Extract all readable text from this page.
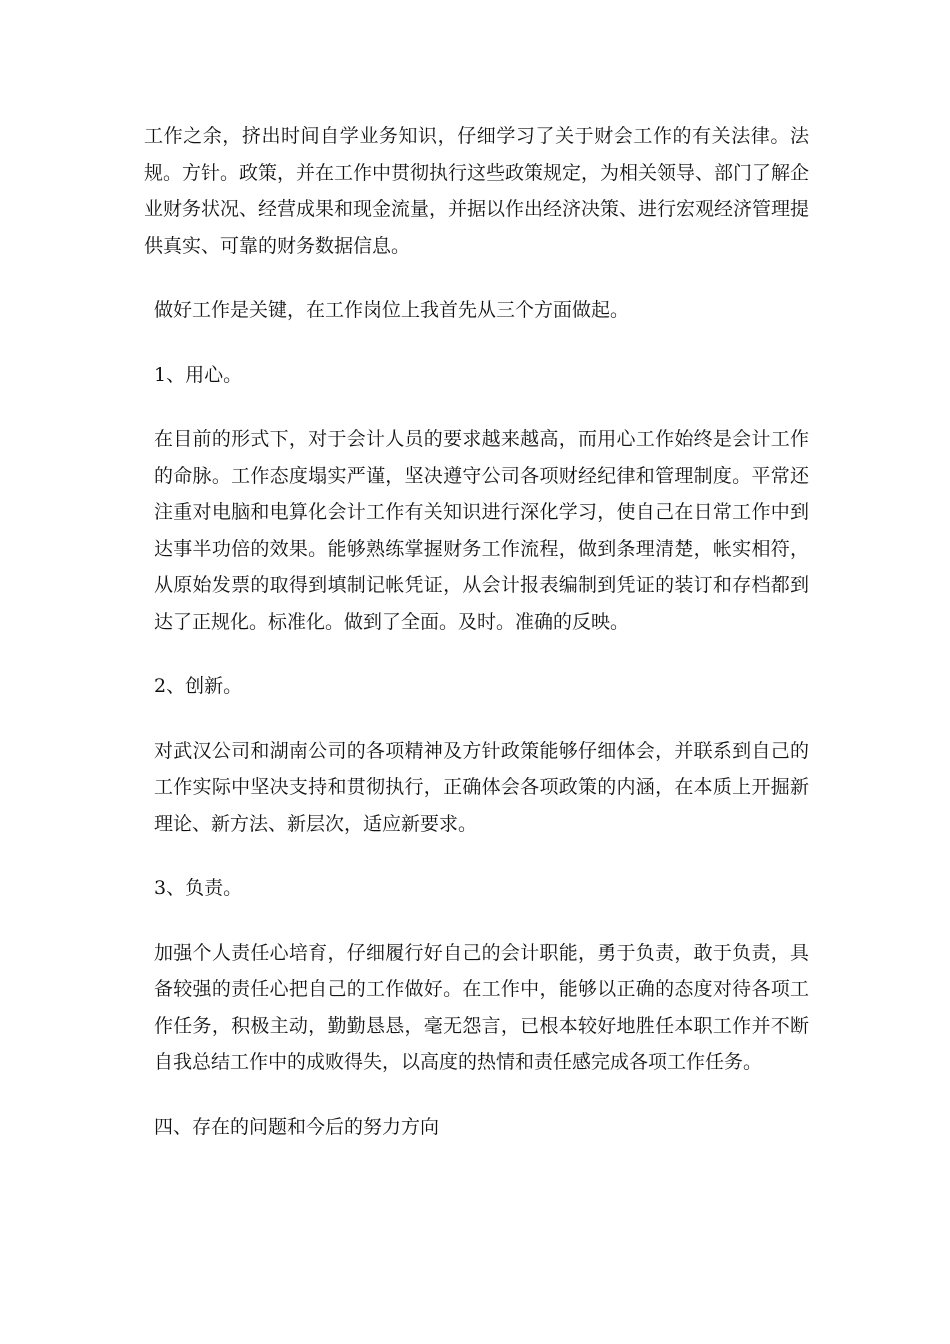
工作之余，挤出时间自学业务知识，仔细学习了关于财会工作的有关法律。法规。方针。政策，并在工作中贯彻执行这些政策规定，为相关领导、部门了解企业财务状况、经营成果和现金流量，并据以作出经济决策、进行宏观经济管理提供真实、可靠的财务数据信息。

做好工作是关键，在工作岗位上我首先从三个方面做起。

1、用心。

在目前的形式下，对于会计人员的要求越来越高，而用心工作始终是会计工作的命脉。工作态度塌实严谨，坚决遵守公司各项财经纪律和管理制度。平常还注重对电脑和电算化会计工作有关知识进行深化学习，使自己在日常工作中到达事半功倍的效果。能够熟练掌握财务工作流程，做到条理清楚，帐实相符，从原始发票的取得到填制记帐凭证，从会计报表编制到凭证的装订和存档都到达了正规化。标准化。做到了全面。及时。准确的反映。

2、创新。

对武汉公司和湖南公司的各项精神及方针政策能够仔细体会，并联系到自己的工作实际中坚决支持和贯彻执行，正确体会各项政策的内涵，在本质上开掘新理论、新方法、新层次，适应新要求。

3、负责。

加强个人责任心培育，仔细履行好自己的会计职能，勇于负责，敢于负责，具备较强的责任心把自己的工作做好。在工作中，能够以正确的态度对待各项工作任务，积极主动，勤勤恳恳，毫无怨言，已根本较好地胜任本职工作并不断自我总结工作中的成败得失，以高度的热情和责任感完成各项工作任务。

四、存在的问题和今后的努力方向
